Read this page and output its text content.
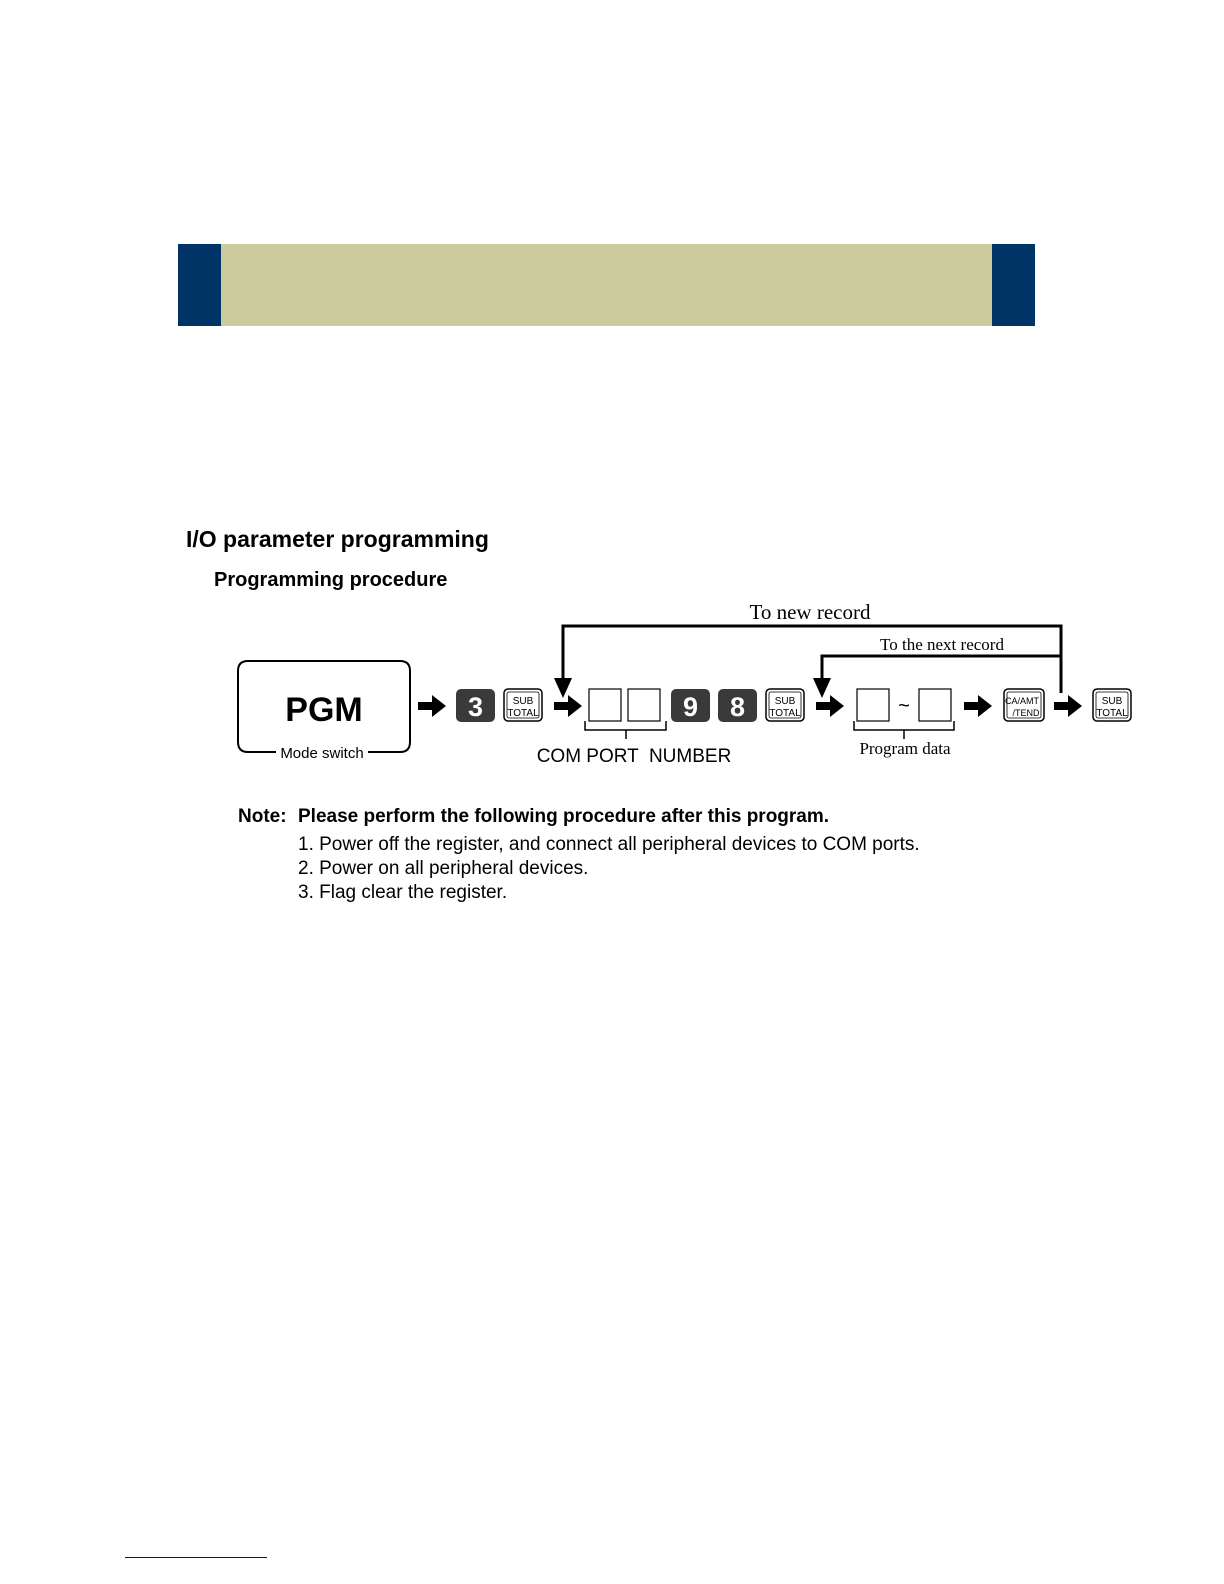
I/O parameter programming
Programming procedure
PGM
Mode switch
3	SUB
TOTAL	9 8	SUB
TOTAL	~	CA/AMT
/TEND
SUB
TOTAL
To new record
To the next record
COM PORT  NUMBER	Program data
Note: Please perform the following procedure after this program.
1. Power off the register, and connect all peripheral devices to COM ports.
2. Power on all peripheral devices.
3. Flag clear the register.
